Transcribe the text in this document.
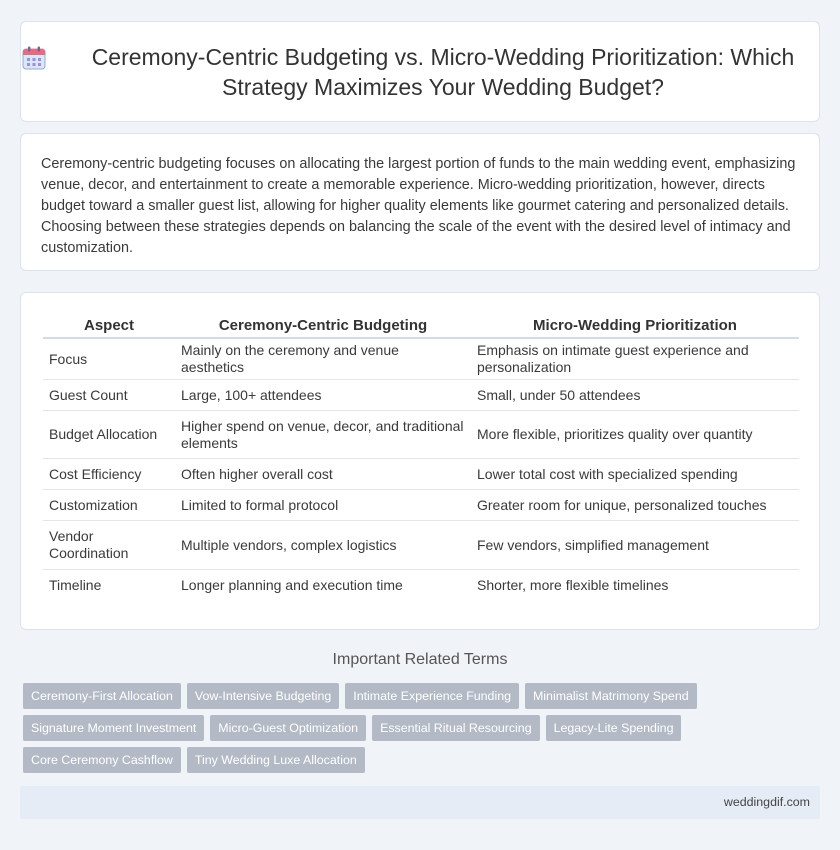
Ceremony-Centric Budgeting vs. Micro-Wedding Prioritization: Which Strategy Maximizes Your Wedding Budget?

Ceremony-centric budgeting focuses on allocating the largest portion of funds to the main wedding event, emphasizing venue, decor, and entertainment to create a memorable experience. Micro-wedding prioritization, however, directs budget toward a smaller guest list, allowing for higher quality elements like gourmet catering and personalized details. Choosing between these strategies depends on balancing the scale of the event with the desired level of intimacy and customization.

Aspect	Ceremony-Centric Budgeting	Micro-Wedding Prioritization
Focus	Mainly on the ceremony and venue aesthetics	Emphasis on intimate guest experience and personalization
Guest Count	Large, 100+ attendees	Small, under 50 attendees
Budget Allocation	Higher spend on venue, decor, and traditional elements	More flexible, prioritizes quality over quantity
Cost Efficiency	Often higher overall cost	Lower total cost with specialized spending
Customization	Limited to formal protocol	Greater room for unique, personalized touches
Vendor Coordination	Multiple vendors, complex logistics	Few vendors, simplified management
Timeline	Longer planning and execution time	Shorter, more flexible timelines
Important Related Terms
Ceremony-First Allocation	Vow-Intensive Budgeting	Intimate Experience Funding	Minimalist Matrimony Spend
Signature Moment Investment	Micro-Guest Optimization	Essential Ritual Resourcing	Legacy-Lite Spending
Core Ceremony Cashflow	Tiny Wedding Luxe Allocation
weddingdif.com
